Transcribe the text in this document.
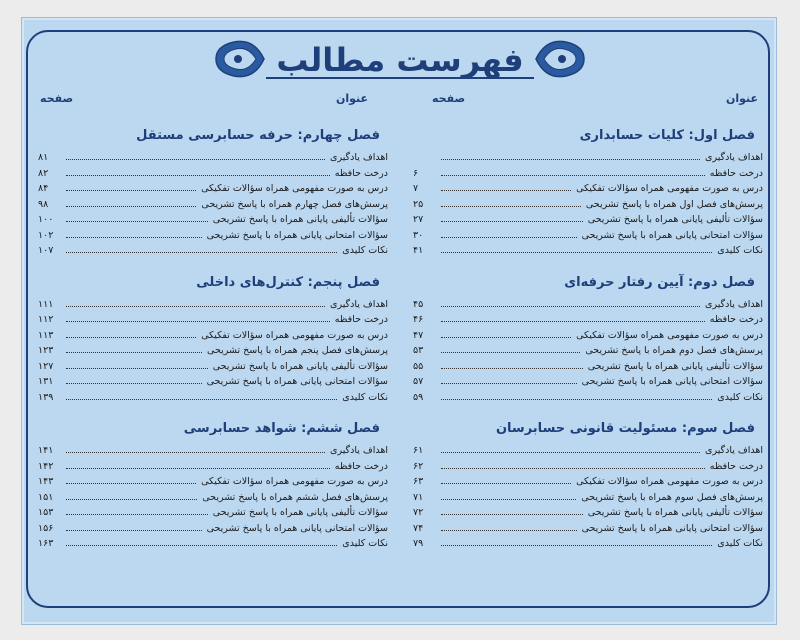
فهرست مطالب
عنوان
صفحه
عنوان
صفحه
فصل اول: کلیات حسابداری
اهداف یادگیری
درخت حافظه
۶
درس به صورت مفهومی همراه سؤالات تفکیکی
۷
پرسش‌های فصل اول همراه با پاسخ تشریحی
۲۵
سؤالات تألیفی پایانی همراه با پاسخ تشریحی
۲۷
سؤالات امتحانی پایانی همراه با پاسخ تشریحی
۳۰
نکات کلیدی
۴۱
فصل دوم: آیین رفتار حرفه‌ای
اهداف یادگیری
۴۵
درخت حافظه
۴۶
درس به صورت مفهومی همراه سؤالات تفکیکی
۴۷
پرسش‌های فصل دوم همراه با پاسخ تشریحی
۵۳
سؤالات تألیفی پایانی همراه با پاسخ تشریحی
۵۵
سؤالات امتحانی پایانی همراه با پاسخ تشریحی
۵۷
نکات کلیدی
۵۹
فصل سوم: مسئولیت قانونی حسابرسان
اهداف یادگیری
۶۱
درخت حافظه
۶۲
درس به صورت مفهومی همراه سؤالات تفکیکی
۶۳
پرسش‌های فصل سوم همراه با پاسخ تشریحی
۷۱
سؤالات تألیفی پایانی همراه با پاسخ تشریحی
۷۲
سؤالات امتحانی پایانی همراه با پاسخ تشریحی
۷۴
نکات کلیدی
۷۹
فصل چهارم: حرفه حسابرسی مستقل
اهداف یادگیری
۸۱
درخت حافظه
۸۲
درس به صورت مفهومی همراه سؤالات تفکیکی
۸۴
پرسش‌های فصل چهارم همراه با پاسخ تشریحی
۹۸
سؤالات تألیفی پایانی همراه با پاسخ تشریحی
۱۰۰
سؤالات امتحانی پایانی همراه با پاسخ تشریحی
۱۰۲
نکات کلیدی
۱۰۷
فصل پنجم: کنترل‌های داخلی
اهداف یادگیری
۱۱۱
درخت حافظه
۱۱۲
درس به صورت مفهومی همراه سؤالات تفکیکی
۱۱۳
پرسش‌های فصل پنجم همراه با پاسخ تشریحی
۱۲۳
سؤالات تألیفی پایانی همراه با پاسخ تشریحی
۱۲۷
سؤالات امتحانی پایانی همراه با پاسخ تشریحی
۱۳۱
نکات کلیدی
۱۳۹
فصل ششم: شواهد حسابرسی
اهداف یادگیری
۱۴۱
درخت حافظه
۱۴۲
درس به صورت مفهومی همراه سؤالات تفکیکی
۱۴۳
پرسش‌های فصل ششم همراه با پاسخ تشریحی
۱۵۱
سؤالات تألیفی پایانی همراه با پاسخ تشریحی
۱۵۳
سؤالات امتحانی پایانی همراه با پاسخ تشریحی
۱۵۶
نکات کلیدی
۱۶۳
